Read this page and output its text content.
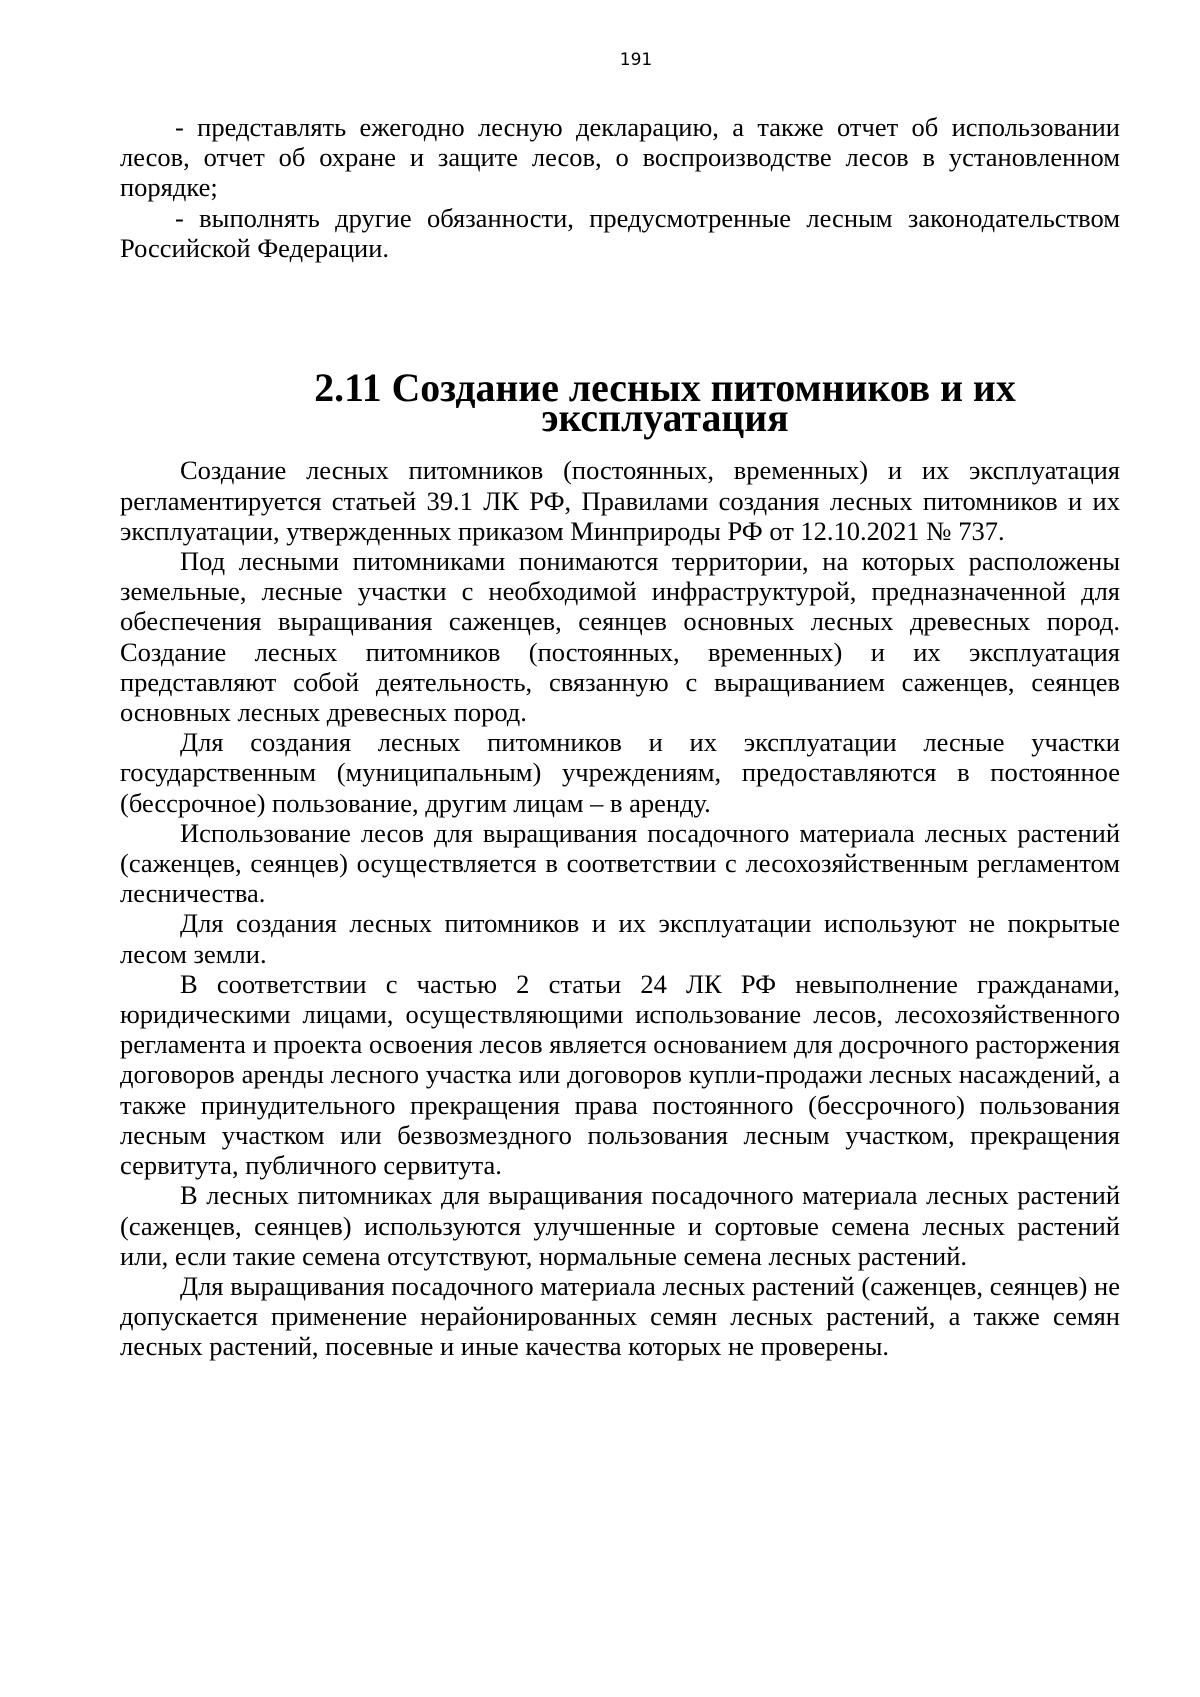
191

- представлять ежегодно лесную декларацию, а также отчет об использовании лесов, отчет об охране и защите лесов, о воспроизводстве лесов в установленном порядке;

- выполнять другие обязанности, предусмотренные лесным законодательством Российской Федерации.

2.11 Создание лесных питомников и их эксплуатация

Создание лесных питомников (постоянных, временных) и их эксплуатация регламентируется статьей 39.1 ЛК РФ, Правилами создания лесных питомников и их эксплуатации, утвержденных приказом Минприроды РФ от 12.10.2021 № 737.

Под лесными питомниками понимаются территории, на которых расположены земельные, лесные участки с необходимой инфраструктурой, предназначенной для обеспечения выращивания саженцев, сеянцев основных лесных древесных пород. Создание лесных питомников (постоянных, временных) и их эксплуатация представляют собой деятельность, связанную с выращиванием саженцев, сеянцев основных лесных древесных пород.

Для создания лесных питомников и их эксплуатации лесные участки государственным (муниципальным) учреждениям, предоставляются в постоянное (бессрочное) пользование, другим лицам – в аренду.

Использование лесов для выращивания посадочного материала лесных растений (саженцев, сеянцев) осуществляется в соответствии с лесохозяйственным регламентом лесничества.

Для создания лесных питомников и их эксплуатации используют не покрытые лесом земли.

В соответствии с частью 2 статьи 24 ЛК РФ невыполнение гражданами, юридическими лицами, осуществляющими использование лесов, лесохозяйственного регламента и проекта освоения лесов является основанием для досрочного расторжения договоров аренды лесного участка или договоров купли-продажи лесных насаждений, а также принудительного прекращения права постоянного (бессрочного) пользования лесным участком или безвозмездного пользования лесным участком, прекращения сервитута, публичного сервитута.

В лесных питомниках для выращивания посадочного материала лесных растений (саженцев, сеянцев) используются улучшенные и сортовые семена лесных растений или, если такие семена отсутствуют, нормальные семена лесных растений.

Для выращивания посадочного материала лесных растений (саженцев, сеянцев) не допускается применение нерайонированных семян лесных растений, а также семян лесных растений, посевные и иные качества которых не проверены.
